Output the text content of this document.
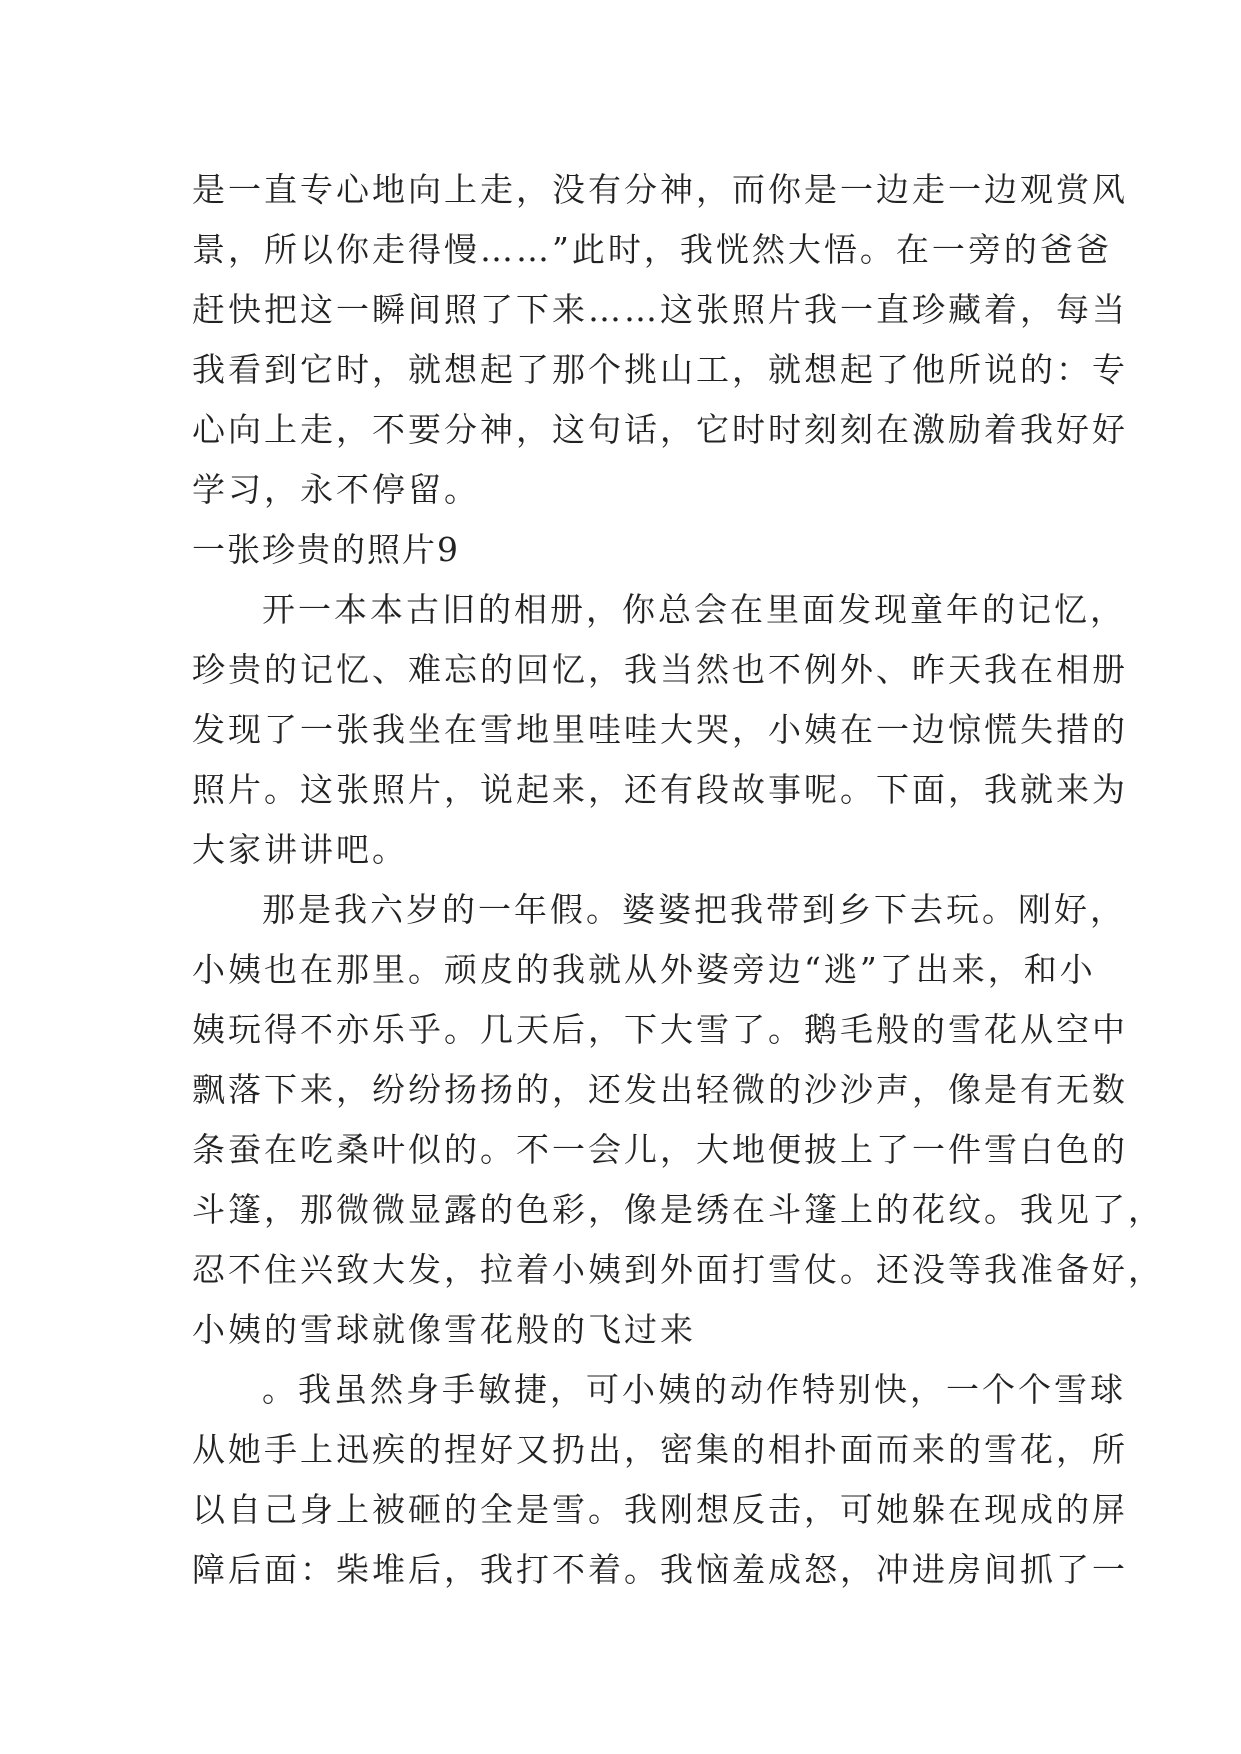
是一直专心地向上走，没有分神，而你是一边走一边观赏风
景，所以你走得慢……”此时，我恍然大悟。在一旁的爸爸
赶快把这一瞬间照了下来……这张照片我一直珍藏着，每当
我看到它时，就想起了那个挑山工，就想起了他所说的：专
心向上走，不要分神，这句话，它时时刻刻在激励着我好好
学习，永不停留。
一张珍贵的照片9
开一本本古旧的相册，你总会在里面发现童年的记忆，
珍贵的记忆、难忘的回忆，我当然也不例外、昨天我在相册
发现了一张我坐在雪地里哇哇大哭，小姨在一边惊慌失措的
照片。这张照片，说起来，还有段故事呢。下面，我就来为
大家讲讲吧。
那是我六岁的一年假。婆婆把我带到乡下去玩。刚好，
小姨也在那里。顽皮的我就从外婆旁边“逃”了出来，和小
姨玩得不亦乐乎。几天后，下大雪了。鹅毛般的雪花从空中
飘落下来，纷纷扬扬的，还发出轻微的沙沙声，像是有无数
条蚕在吃桑叶似的。不一会儿，大地便披上了一件雪白色的
斗篷，那微微显露的色彩，像是绣在斗篷上的花纹。我见了，
忍不住兴致大发，拉着小姨到外面打雪仗。还没等我准备好，
小姨的雪球就像雪花般的飞过来
。我虽然身手敏捷，可小姨的动作特别快，一个个雪球
从她手上迅疾的捏好又扔出，密集的相扑面而来的雪花，所
以自己身上被砸的全是雪。我刚想反击，可她躲在现成的屏
障后面：柴堆后，我打不着。我恼羞成怒，冲进房间抓了一
